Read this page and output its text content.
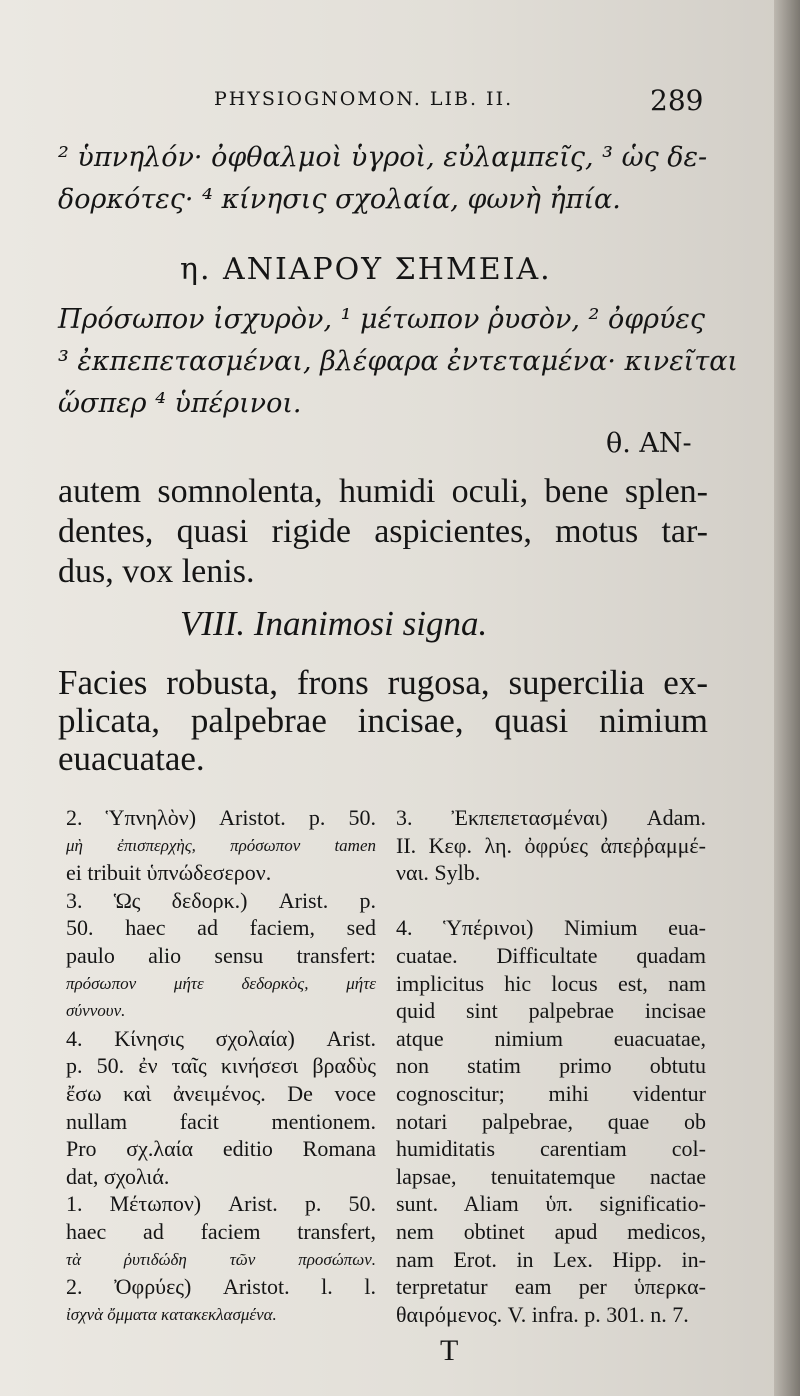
PHYSIOGNOMON. LIB. II.	289
² ὑπνηλόν· ὀφθαλμοὶ ὑγροὶ, εὐλαμπεῖς, ³ ὡς δε-
δορκότες· ⁴ κίνησις σχολαία, φωνὴ ἠπία.
η. ΑΝΙΑΡΟΥ ΣΗΜΕΙΑ.
Πρόσωπον ἰσχυρὸν, ¹ μέτωπον ῥυσὸν, ² ὀφρύες
³ ἐκπεπετασμέναι, βλέφαρα ἐντεταμένα· κινεῖται
ὥσπερ ⁴ ὑπέρινοι.
θ. AN-
autem somnolenta, humidi oculi, bene splen-
dentes, quasi rigide aspicientes, motus tar-
dus, vox lenis.
VIII. Inanimosi signa.
Facies robusta, frons rugosa, supercilia ex-
plicata, palpebrae incisae, quasi nimium
euacuatae.
2. Ὑπνηλὸν) Aristot. p. 50.
μὴ ἐπισπερχὴς, πρόσωπον tamen
ei tribuit ὑπνώδεσερον.
3. Ὡς δεδορκ.) Arist. p.
50. haec ad faciem, sed
paulo alio sensu transfert:
πρόσωπον μήτε δεδορκὸς, μήτε
σύννουν.
4. Κίνησις σχολαία) Arist.
p. 50. ἐν ταῖς κινήσεσι βραδὺς
ἔσω καὶ ἀνειμένος. De voce
nullam facit mentionem.
Pro σχ.λαία editio Romana
dat, σχολιά.
1. Μέτωπον) Arist. p. 50.
haec ad faciem transfert,
τὰ ῥυτιδώδη τῶν προσώπων.
2. Ὀφρύες) Aristot. l. l.
ἰσχνὰ ὄμματα κατακεκλασμένα.
3. Ἐκπεπετασμέναι) Adam.
II. Κεφ. λη. ὀφρύες ἀπεῤῥαμμέ-
ναι. Sylb.

4. Ὑπέρινοι) Nimium eua-
cuatae. Difficultate quadam
implicitus hic locus est, nam
quid sint palpebrae incisae
atque nimium euacuatae,
non statim primo obtutu
cognoscitur; mihi videntur
notari palpebrae, quae ob
humiditatis carentiam col-
lapsae, tenuitatemque nactae
sunt. Aliam ὑπ. significatio-
nem obtinet apud medicos,
nam Erot. in Lex. Hipp. in-
terpretatur eam per ὑπερκα-
θαιρόμενος. V. infra. p. 301. n. 7.
T
